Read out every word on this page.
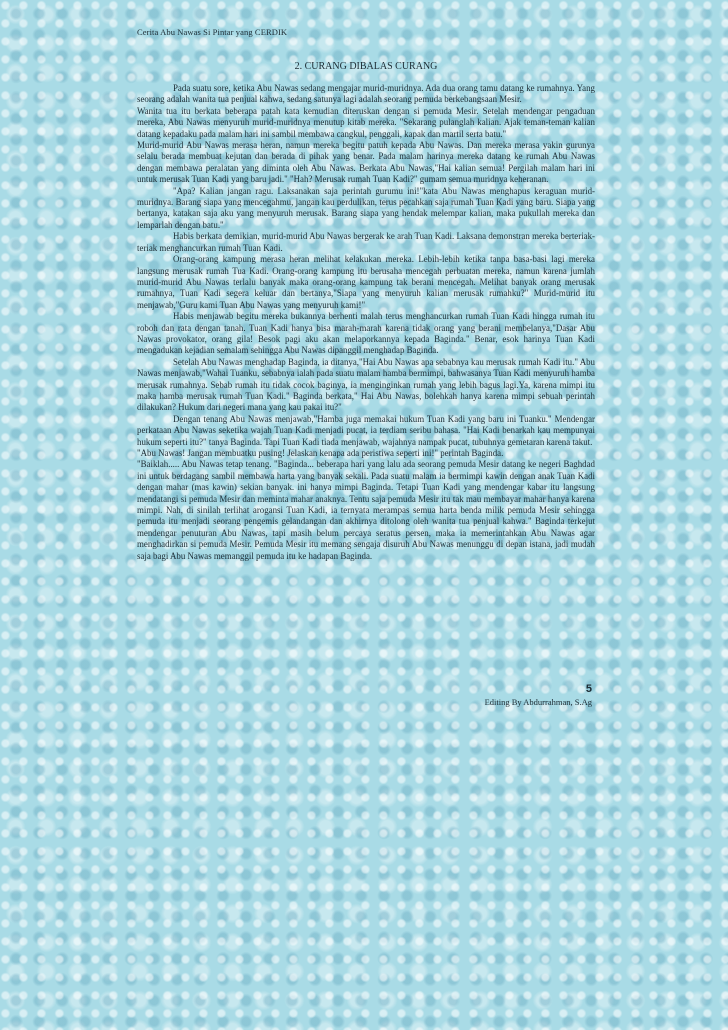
Cerita Abu Nawas Si Pintar yang CERDIK
2. CURANG DIBALAS CURANG

Pada suatu sore, ketika Abu Nawas sedang mengajar murid-muridnya. Ada dua orang tamu datang ke rumahnya. Yang seorang adalah wanita tua penjual kahwa, sedang satunya lagi adalah seorang pemuda berkebangsaan Mesir.

Wanita tua itu berkata beberapa patah kata kemudian diteruskan dengan si pemuda Mesir. Setelah mendengar pengaduan mereka, Abu Nawas menyuruh murid-muridnya menutup kitab mereka. "Sekarang pulanglah kalian. Ajak teman-teman kalian datang kepadaku pada malam hari ini sambil membawa cangkul, penggali, kapak dan martil serta batu."

Murid-murid Abu Nawas merasa heran, namun mereka begitu patuh kepada Abu Nawas. Dan mereka merasa yakin gurunya selalu berada membuat kejutan dan berada di pihak yang benar. Pada malam harinya mereka datang ke rumah Abu Nawas dengan membawa peralatan yang diminta oleh Abu Nawas. Berkata Abu Nawas,"Hai kalian semua! Pergilah malam hari ini untuk merusak Tuan Kadi yang baru jadi." "Hah? Merusak rumah Tuan Kadi?" gumam semua muridnya keheranan.

"Apa? Kalian jangan ragu. Laksanakan saja perintah gurumu ini!"kata Abu Nawas menghapus keraguan murid-muridnya. Barang siapa yang mencegahmu, jangan kau perdulikan, terus pecahkan saja rumah Tuan Kadi yang baru. Siapa yang bertanya, katakan saja aku yang menyuruh merusak. Barang siapa yang hendak melempar kalian, maka pukullah mereka dan lemparlah dengan batu."

Habis berkata demikian, murid-murid Abu Nawas bergerak ke arah Tuan Kadi. Laksana demonstran mereka berteriak-teriak menghancurkan rumah Tuan Kadi.

Orang-orang kampung merasa heran melihat kelakukan mereka. Lebih-lebih ketika tanpa basa-basi lagi mereka langsung merusak rumah Tua Kadi. Orang-orang kampung itu berusaha mencegah perbuatan mereka, namun karena jumlah murid-murid Abu Nawas terlalu banyak maka orang-orang kampung tak berani mencegah. Melihat banyak orang merusak rumahnya, Tuan Kadi segera keluar dan bertanya,"Siapa yang menyuruh kalian merusak rumahku?" Murid-murid itu menjawab,"Guru kami Tuan Abu Nawas yang menyuruh kami!"

Habis menjawab begitu mereka bukannya berhenti malah terus menghancurkan rumah Tuan Kadi hingga rumah itu roboh dan rata dengan tanah. Tuan Kadi hanya bisa marah-marah karena tidak orang yang berani membelanya,"Dasar Abu Nawas provokator, orang gila! Besok pagi aku akan melaporkannya kepada Baginda." Benar, esok harinya Tuan Kadi mengadukan kejadian semalam sehingga Abu Nawas dipanggil menghadap Baginda.

Setelah Abu Nawas menghadap Baginda, ia ditanya,"Hai Abu Nawas apa sebabnya kau merusak rumah Kadi itu." Abu Nawas menjawab,"Wahai Tuanku, sebabnya ialah pada suatu malam hamba bermimpi, bahwasanya Tuan Kadi menyuruh hamba merusak rumahnya. Sebab rumah itu tidak cocok baginya, ia menginginkan rumah yang lebih bagus lagi.Ya, karena mimpi itu maka hamba merusak rumah Tuan Kadi." Baginda berkata," Hai Abu Nawas, bolehkah hanya karena mimpi sebuah perintah dilakukan? Hukum dari negeri mana yang kau pakai itu?"

Dengan tenang Abu Nawas menjawab,"Hamba juga memakai hukum Tuan Kadi yang baru ini Tuanku." Mendengar perkataan Abu Nawas seketika wajah Tuan Kadi menjadi pucat, ia terdiam seribu bahasa. "Hai Kadi benarkah kau mempunyai hukum seperti itu?" tanya Baginda. Tapi Tuan Kadi tiada menjawab, wajahnya nampak pucat, tubuhnya gemetaran karena takut.

"Abu Nawas! Jangan membuatku pusing! Jelaskan kenapa ada peristiwa seperti ini!" perintah Baginda.

"Baiklah..... Abu Nawas tetap tenang. "Baginda... beberapa hari yang lalu ada seorang pemuda Mesir datang ke negeri Baghdad ini untuk berdagang sambil membawa harta yang banyak sekali. Pada suatu malam ia bermimpi kawin dengan anak Tuan Kadi dengan mahar (mas kawin) sekian banyak. ini hanya mimpi Baginda. Tetapi Tuan Kadi yang mendengar kabar itu langsung mendatangi si pemuda Mesir dan meminta mahar anaknya. Tentu saja pemuda Mesir itu tak mau membayar mahar hanya karena mimpi. Nah, di sinilah terlihat arogansi Tuan Kadi, ia ternyata merampas semua harta benda milik pemuda Mesir sehingga pemuda itu menjadi seorang pengemis gelandangan dan akhirnya ditolong oleh wanita tua penjual kahwa." Baginda terkejut mendengar penuturan Abu Nawas, tapi masih belum percaya seratus persen, maka ia memerintahkan Abu Nawas agar menghadirkan si pemuda Mesir. Pemuda Mesir itu memang sengaja disuruh Abu Nawas menunggu di depan istana, jadi mudah saja bagi Abu Nawas memanggil pemuda itu ke hadapan Baginda.

5
Editing By Abdurrahman, S.Ag
